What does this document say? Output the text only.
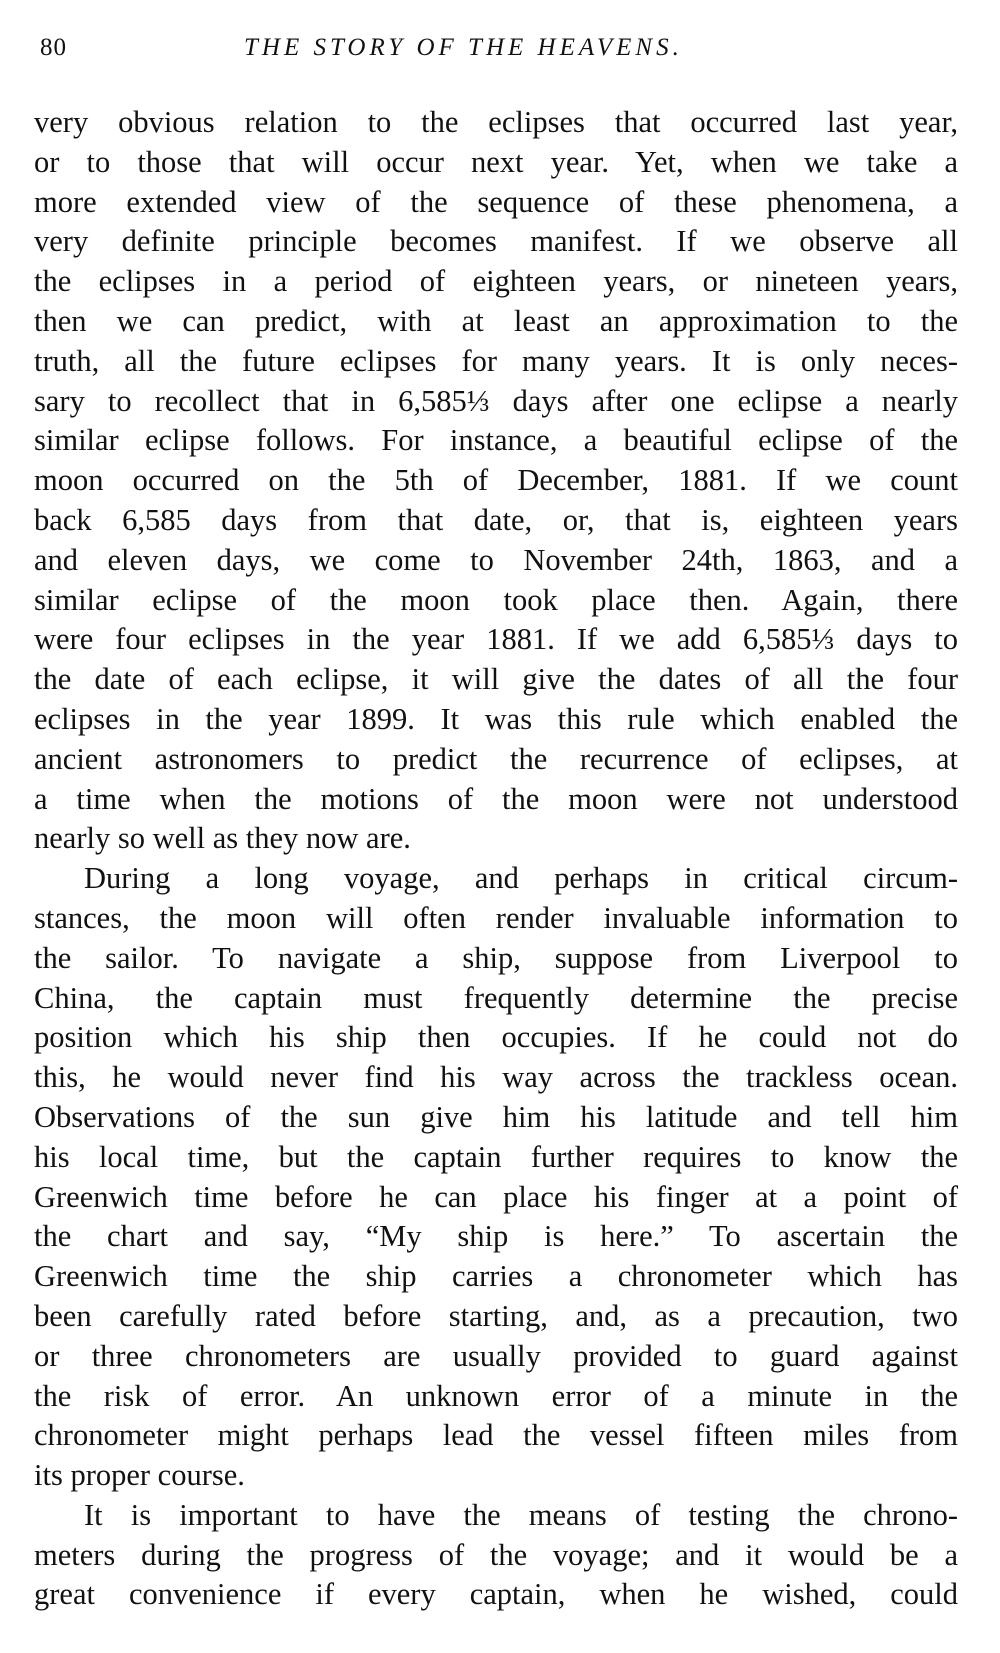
80	THE STORY OF THE HEAVENS.
very obvious relation to the eclipses that occurred last year,
or to those that will occur next year. Yet, when we take a
more extended view of the sequence of these phenomena, a
very definite principle becomes manifest. If we observe all
the eclipses in a period of eighteen years, or nineteen years,
then we can predict, with at least an approximation to the
truth, all the future eclipses for many years. It is only neces-
sary to recollect that in 6,585⅓ days after one eclipse a nearly
similar eclipse follows. For instance, a beautiful eclipse of the
moon occurred on the 5th of December, 1881. If we count
back 6,585 days from that date, or, that is, eighteen years
and eleven days, we come to November 24th, 1863, and a
similar eclipse of the moon took place then. Again, there
were four eclipses in the year 1881. If we add 6,585⅓ days to
the date of each eclipse, it will give the dates of all the four
eclipses in the year 1899. It was this rule which enabled the
ancient astronomers to predict the recurrence of eclipses, at
a time when the motions of the moon were not understood
nearly so well as they now are.
During a long voyage, and perhaps in critical circum-
stances, the moon will often render invaluable information to
the sailor. To navigate a ship, suppose from Liverpool to
China, the captain must frequently determine the precise
position which his ship then occupies. If he could not do
this, he would never find his way across the trackless ocean.
Observations of the sun give him his latitude and tell him
his local time, but the captain further requires to know the
Greenwich time before he can place his finger at a point of
the chart and say, “My ship is here.” To ascertain the
Greenwich time the ship carries a chronometer which has
been carefully rated before starting, and, as a precaution, two
or three chronometers are usually provided to guard against
the risk of error. An unknown error of a minute in the
chronometer might perhaps lead the vessel fifteen miles from
its proper course.
It is important to have the means of testing the chrono-
meters during the progress of the voyage; and it would be a
great convenience if every captain, when he wished, could
